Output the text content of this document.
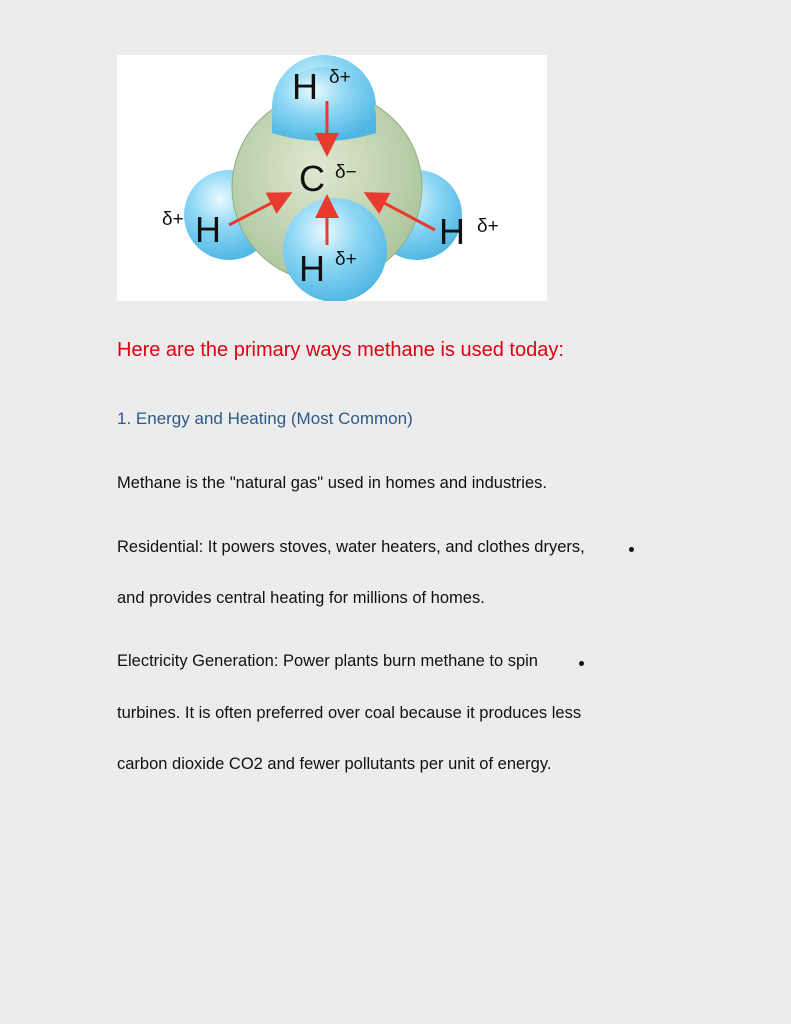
C δ−
H δ+
δ+ H	H δ+
H δ+
Here are the primary ways methane is used today:
1. Energy and Heating (Most Common)
Methane is the "natural gas" used in homes and industries.
Residential: It powers stoves, water heaters, and clothes dryers,
and provides central heating for millions of homes.
Electricity Generation: Power plants burn methane to spin
turbines. It is often preferred over coal because it produces less
carbon dioxide CO2 and fewer pollutants per unit of energy.
